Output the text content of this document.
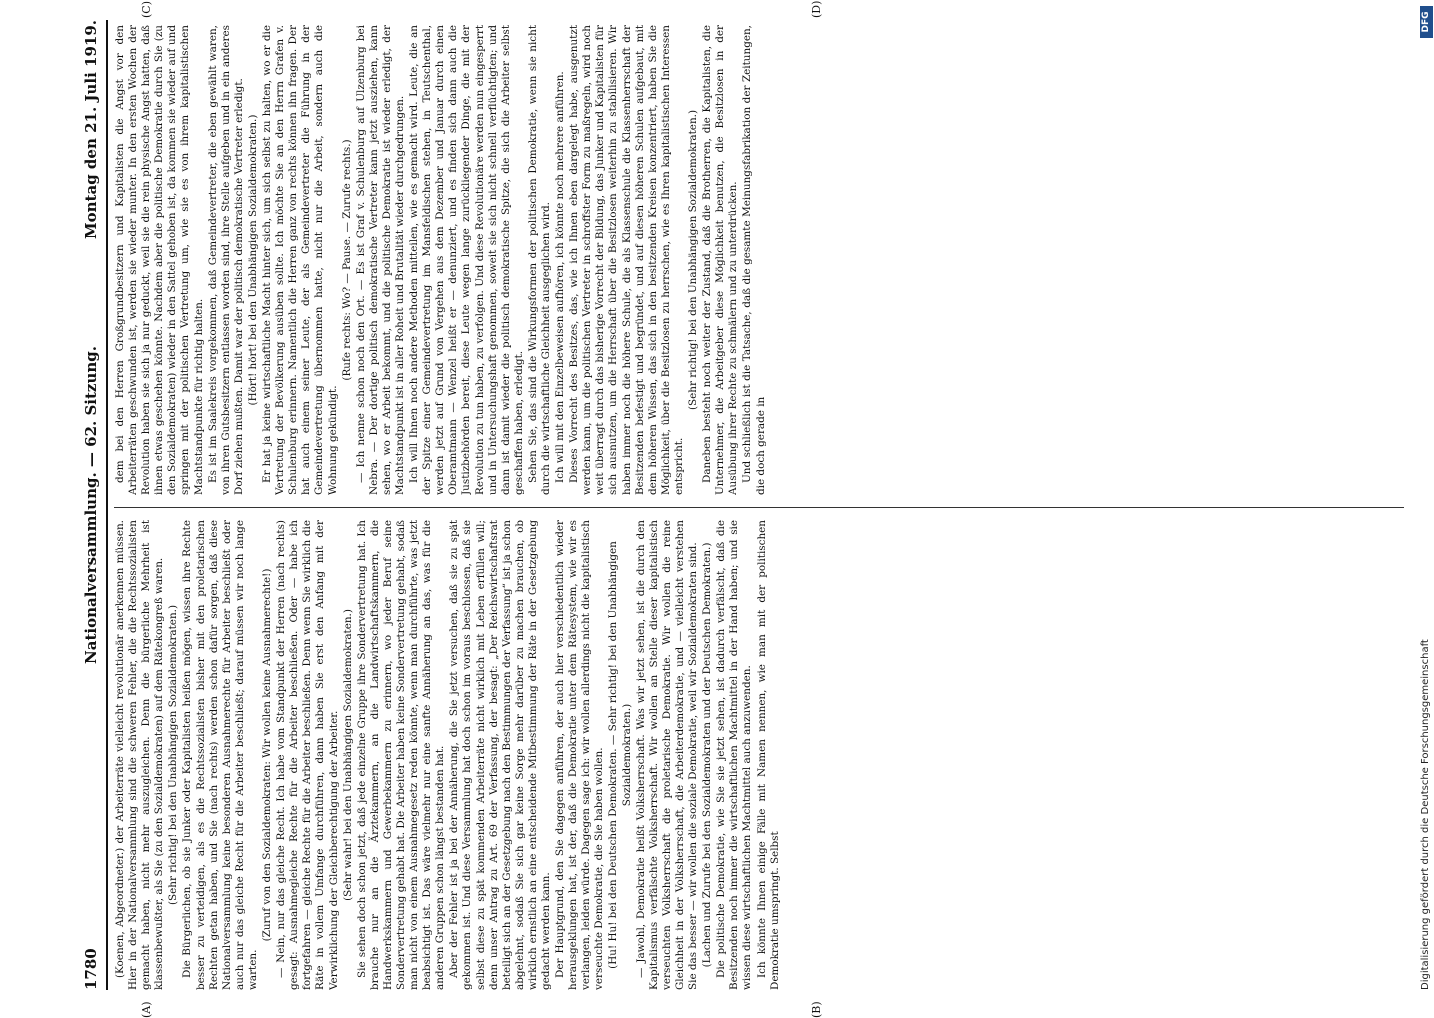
1780
Nationalversammlung. — 62. Sitzung.
Montag den 21. Juli 1919.

(Koenen, Abgeordneter.) der Arbeiterräte vielleicht revolutionär anerkennen müssen. Hier in der Nationalversammlung sind die schweren Fehler, die die Rechtssozialisten gemacht haben, nicht mehr auszugleichen. Denn die bürgerliche Mehrheit ist klassenbewußter, als Sie (zu den Sozialdemokraten) auf dem Rätekongreß waren. (Sehr richtig! bei den Unabhängigen Sozialdemokraten.) Die Bürgerlichen, ob sie Junker oder Kapitalisten heißen mögen, wissen ihre Rechte besser zu verteidigen, als es die Rechtssozialisten bisher mit den proletarischen Rechten getan haben, und Sie (nach rechts) werden schon dafür sorgen, daß diese Nationalversammlung keine besonderen Ausnahmerechte für Arbeiter beschließt oder auch nur das gleiche Recht für die Arbeiter beschließt; darauf müssen wir noch lange warten.

(Zuruf von den Sozialdemokraten: Wir wollen keine Ausnahmerechte!) — Nein, nur das gleiche Recht. Ich habe vom Standpunkt der Herren (nach rechts) gesagt: Ausnahmegleiche Rechte für die Arbeiter beschließen. Oder — habe ich fortgefahren — gleiche Rechte für die Arbeiter beschließen. Denn wenn Sie wirklich die Räte in vollem Umfange durchführen, dann haben Sie erst den Anfang mit der Verwirklichung der Gleichberechtigung der Arbeiter. (Sehr wahr! bei den Unabhängigen Sozialdemokraten.) Sie sehen doch schon jetzt, daß jede einzelne Gruppe ihre Sondervertretung hat. Ich brauche nur an die Ärztekammern, an die Landwirtschaftskammern, die Handwerkskammern und Gewerbekammern zu erinnern, wo jeder Beruf seine Sondervertretung gehabt hat. Die Arbeiter haben keine Sondervertretung gehabt, sodaß man nicht von einem Ausnahmegesetz reden könnte, wenn man durchführte, was jetzt beabsichtigt ist. Das wäre vielmehr nur eine sanfte Annäherung an das, was für die anderen Gruppen schon längst bestanden hat. Aber der Fehler ist ja bei der Annäherung, die Sie jetzt versuchen, daß sie zu spät gekommen ist. Und diese Versammlung hat doch schon im voraus beschlossen, daß sie selbst diese zu spät kommenden Arbeiterräte nicht wirklich mit Leben erfüllen will; denn unser Antrag zu Art. 69 der Verfassung, der besagt: „Der Reichswirtschaftsrat beteiligt sich an der Gesetzgebung nach den Bestimmungen der Verfassung“ ist ja schon abgelehnt, sodaß Sie sich gar keine Sorge mehr darüber zu machen brauchen, ob wirklich ernstlich an eine entscheidende Mitbestimmung der Räte in der Gesetzgebung gedacht werden kann. Der Hauptgrund, den Sie dagegen anführen, der auch hier verschiedentlich wieder herausgeklungen hat, ist der, daß die Demokratie unter dem Rätesystem, wie wir es verlangen, leiden würde. Dagegen sage ich: wir wollen allerdings nicht die kapitalistisch verseuchte Demokratie, die Sie haben wollen. (Hu! Hu! bei den Deutschen Demokraten. — Sehr richtig! bei den Unabhängigen Sozialdemokraten.) — Jawohl, Demokratie heißt Volksherrschaft. Was wir jetzt sehen, ist die durch den Kapitalismus verfälschte Volksherrschaft. Wir wollen an Stelle dieser kapitalistisch verseuchten Volksherrschaft die proletarische Demokratie. Wir wollen die reine Gleichheit in der Volksherrschaft, die Arbeiterdemokratie, und — vielleicht verstehen Sie das besser — wir wollen die soziale Demokratie, weil wir Sozialdemokraten sind. (Lachen und Zurufe bei den Sozialdemokraten und der Deutschen Demokraten.) Die politische Demokratie, wie Sie sie jetzt sehen, ist dadurch verfälscht, daß die Besitzenden noch immer die wirtschaftlichen Machtmittel in der Hand haben; und sie wissen diese wirtschaftlichen Machtmittel auch anzuwenden. Ich könnte Ihnen einige Fälle mit Namen nennen, wie man mit der politischen Demokratie umspringt. Selbst

dem bei den Herren Großgrundbesitzern und Kapitalisten die Angst vor den Arbeiterräten geschwunden ist, werden sie wieder munter. In den ersten Wochen der Revolution haben sie sich ja nur geduckt, weil sie die rein physische Angst hatten, daß ihnen etwas geschehen könnte. Nachdem aber die politische Demokratie durch Sie (zu den Sozialdemokraten) wieder in den Sattel gehoben ist, da kommen sie wieder auf und springen mit der politischen Vertretung um, wie sie es von ihrem kapitalistischen Machtstandpunkte für richtig halten. Es ist im Saalekreis vorgekommen, daß Gemeindevertreter, die eben gewählt waren, von ihren Gutsbesitzern entlassen worden sind, ihre Stelle aufgeben und in ein anderes Dorf ziehen mußten. Damit war der politisch demokratische Vertreter erledigt. (Hört! hört! bei den Unabhängigen Sozialdemokraten.) Er hat ja keine wirtschaftliche Macht hinter sich, um sich selbst zu halten, wo er die Vertretung der Bevölkerung ausüben sollte. Ich möchte Sie an den Herrn Grafen v. Schulenburg erinnern. Namentlich die Herren ganz von rechts können ihn fragen. Der hat auch einem seiner Leute, der als Gemeindevertreter die Führung in der Gemeindevertretung übernommen hatte, nicht nur die Arbeit, sondern auch die Wohnung gekündigt.

(Rufe rechts: Wo? — Pause. — Zurufe rechts.) — Ich nenne schon noch den Ort. — Es ist Graf v. Schulenburg auf Ulzenburg bei Nebra. — Der dortige politisch demokratische Vertreter kann jetzt ausziehen, kann sehen, wo er Arbeit bekommt, und die politische Demokratie ist wieder erledigt, der Machtstandpunkt ist in aller Roheit und Brutalität wieder durchgedrungen. Ich will Ihnen noch andere Methoden mitteilen, wie es gemacht wird. Leute, die an der Spitze einer Gemeindevertretung im Mansfeldischen stehen, in Teutschenthal, werden jetzt auf Grund von Vergehen aus dem Dezember und Januar durch einen Oberamtmann — Wenzel heißt er — denunziert, und es finden sich dann auch die Justizbehörden bereit, diese Leute wegen lange zurückliegender Dinge, die mit der Revolution zu tun haben, zu verfolgen. Und diese Revolutionäre werden nun eingesperrt und in Untersuchungshaft genommen, soweit sie sich nicht schnell verflüchtigten; und dann ist damit wieder die politisch demokratische Spitze, die sich die Arbeiter selbst geschaffen haben, erledigt. Sehen Sie, das sind die Wirkungsformen der politischen Demokratie, wenn sie nicht durch die wirtschaftliche Gleichheit ausgeglichen wird. Ich will mit den Einzelbeweisen aufhören, ich könnte noch mehrere anführen. Dieses Vorrecht des Besitzes, das, wie ich Ihnen eben dargelegt habe, ausgenutzt werden kann, um die politischen Vertreter in schroffster Form zu maßregeln, wird noch weit überragt durch das bisherige Vorrecht der Bildung, das Junker und Kapitalisten für sich ausnutzen, um die Herrschaft über die Besitzlosen weiterhin zu stabilisieren. Wir haben immer noch die höhere Schule, die als Klassenschule die Klassenherrschaft der Besitzenden befestigt und begründet, und auf diesen höheren Schulen aufgebaut, mit dem höheren Wissen, das sich in den besitzenden Kreisen konzentriert, haben Sie die Möglichkeit, über die Besitzlosen zu herrschen, wie es Ihren kapitalistischen Interessen entspricht.

(Sehr richtig! bei den Unabhängigen Sozialdemokraten.) Daneben besteht noch weiter der Zustand, daß die Brotherren, die Kapitalisten, die Unternehmer, die Arbeitgeber diese Möglichkeit benutzen, die Besitzlosen in der Ausübung ihrer Rechte zu schmälern und zu unterdrücken. Und schließlich ist die Tatsache, daß die gesamte Meinungsfabrikation der Zeitungen, die doch gerade in

(A)	(B)
(C)	(D)
Digitalisierung gefördert durch die Deutsche Forschungsgemeinschaft
DFG
